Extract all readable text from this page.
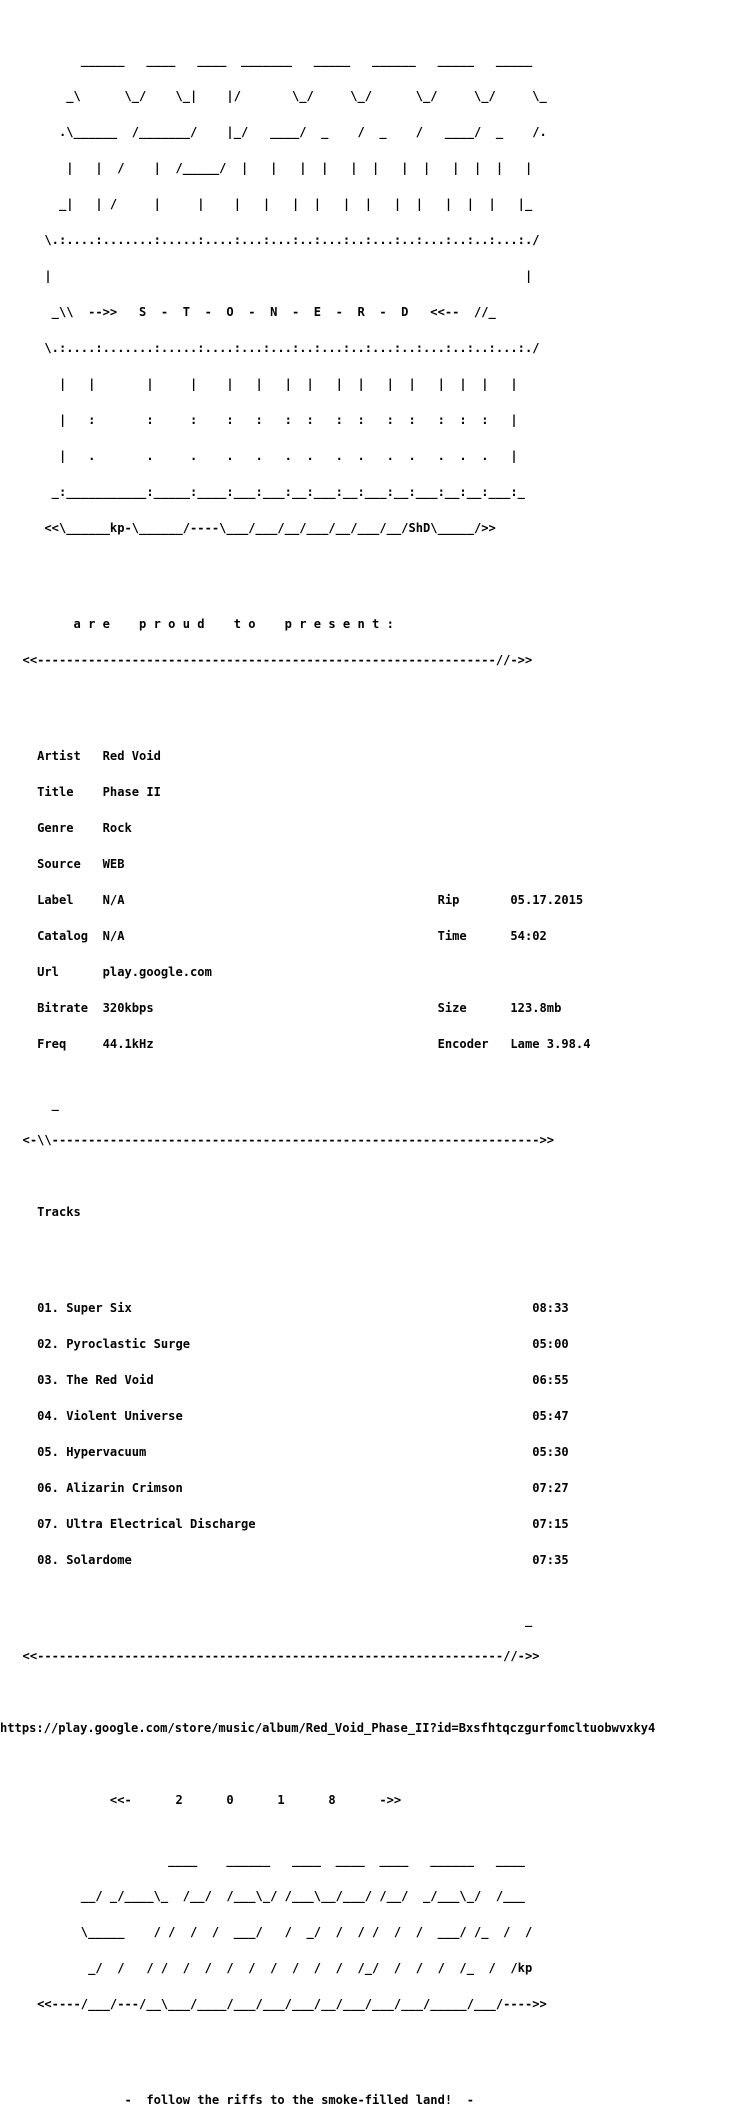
______   ____   ____  _______   _____   ______   _____   _____

_\      \_/    \_|    |/       \_/     \_/      \_/     \_/     \_

.\______  /_______/    |_/   ____/  _    /  _    /   ____/  _    /.

|   |  /    |  /_____/  |   |   |  |   |  |   |  |   |  |  |   |

_|   | /     |     |    |   |   |  |   |  |   |  |   |  |  |   |_

\.:....:.......:.....:....:...:...:..:...:..:...:..:...:..:..:...:./

|                                                                 |

_\\  -->>   S  -  T  -  O  -  N  -  E  -  R  -  D   <<--  //_

\.:....:.......:.....:....:...:...:..:...:..:...:..:...:..:..:...:./

|   |       |     |    |   |   |  |   |  |   |  |   |  |  |   |

|   :       :     :    :   :   :  :   :  :   :  :   :  :  :   |

|   .       .     .    .   .   .  .   .  .   .  .   .  .  .   |

_:___________:_____:____:___:___:__:___:__:___:__:___:__:__:___:_

<<\______kp-\______/----\___/___/__/___/__/___/__/ShD\_____/>>

a r e    p r o u d    t o    p r e s e n t :

<<---------------------------------------------------------------//->>

Artist   Red Void

Title    Phase II

Genre    Rock

Source   WEB

Label    N/A                                           Rip       05.17.2015

Catalog  N/A                                           Time      54:02

Url      play.google.com

Bitrate  320kbps                                       Size      123.8mb

Freq     44.1kHz                                       Encoder   Lame 3.98.4

_

<-\\------------------------------------------------------------------->>

Tracks

01. Super Six                                                       08:33

02. Pyroclastic Surge                                               05:00

03. The Red Void                                                    06:55

04. Violent Universe                                                05:47

05. Hypervacuum                                                     05:30

06. Alizarin Crimson                                                07:27

07. Ultra Electrical Discharge                                      07:15

08. Solardome                                                       07:35

_

<<----------------------------------------------------------------//->>

https://play.google.com/store/music/album/Red_Void_Phase_II?id=Bxsfhtqczgurfomcltuobwvxky4

<<-      2      0      1      8      ->>

____    ______   ____  ____  ____   ______   ____

__/ _/____\_  /__/  /___\_/ /___\__/___/ /__/  _/___\_/  /___

\_____    / /  /  /  ___/   /  _/  /  / /  /  /  ___/ /_  /  /

_/  /   / /  /  /  /  /  /  /  /  /  /_/  /  /  /  /_  /  /kp

<<----/___/---/__\___/____/___/___/___/__/___/___/___/_____/___/---->>

-  follow the riffs to the smoke-filled land!  -
